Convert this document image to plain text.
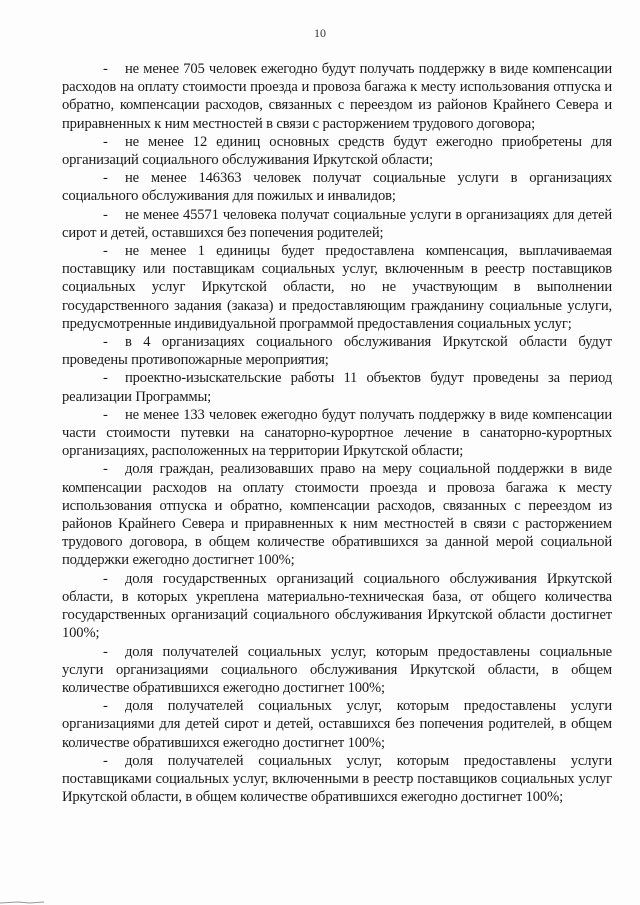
10

- не менее 705 человек ежегодно будут получать поддержку в виде компенсации расходов на оплату стоимости проезда и провоза багажа к месту использования отпуска и обратно, компенсации расходов, связанных с переездом из районов Крайнего Севера и приравненных к ним местностей в связи с расторжением трудового договора;

- не менее 12 единиц основных средств будут ежегодно приобретены для организаций социального обслуживания Иркутской области;

- не менее 146363 человек получат социальные услуги в организациях социального обслуживания для пожилых и инвалидов;

- не менее 45571 человека получат социальные услуги в организациях для детей сирот и детей, оставшихся без попечения родителей;

- не менее 1 единицы будет предоставлена компенсация, выплачиваемая поставщику или поставщикам социальных услуг, включенным в реестр поставщиков социальных услуг Иркутской области, но не участвующим в выполнении государственного задания (заказа) и предоставляющим гражданину социальные услуги, предусмотренные индивидуальной программой предоставления социальных услуг;

- в 4 организациях социального обслуживания Иркутской области будут проведены противопожарные мероприятия;

- проектно-изыскательские работы 11 объектов будут проведены за период реализации Программы;

- не менее 133 человек ежегодно будут получать поддержку в виде компенсации части стоимости путевки на санаторно-курортное лечение в санаторно-курортных организациях, расположенных на территории Иркутской области;

- доля граждан, реализовавших право на меру социальной поддержки в виде компенсации расходов на оплату стоимости проезда и провоза багажа к месту использования отпуска и обратно, компенсации расходов, связанных с переездом из районов Крайнего Севера и приравненных к ним местностей в связи с расторжением трудового договора, в общем количестве обратившихся за данной мерой социальной поддержки ежегодно достигнет 100%;

- доля государственных организаций социального обслуживания Иркутской области, в которых укреплена материально-техническая база, от общего количества государственных организаций социального обслуживания Иркутской области достигнет 100%;

- доля получателей социальных услуг, которым предоставлены социальные услуги организациями социального обслуживания Иркутской области, в общем количестве обратившихся ежегодно достигнет 100%;

- доля получателей социальных услуг, которым предоставлены услуги организациями для детей сирот и детей, оставшихся без попечения родителей, в общем количестве обратившихся ежегодно достигнет 100%;

- доля получателей социальных услуг, которым предоставлены услуги поставщиками социальных услуг, включенными в реестр поставщиков социальных услуг Иркутской области, в общем количестве обратившихся ежегодно достигнет 100%;
